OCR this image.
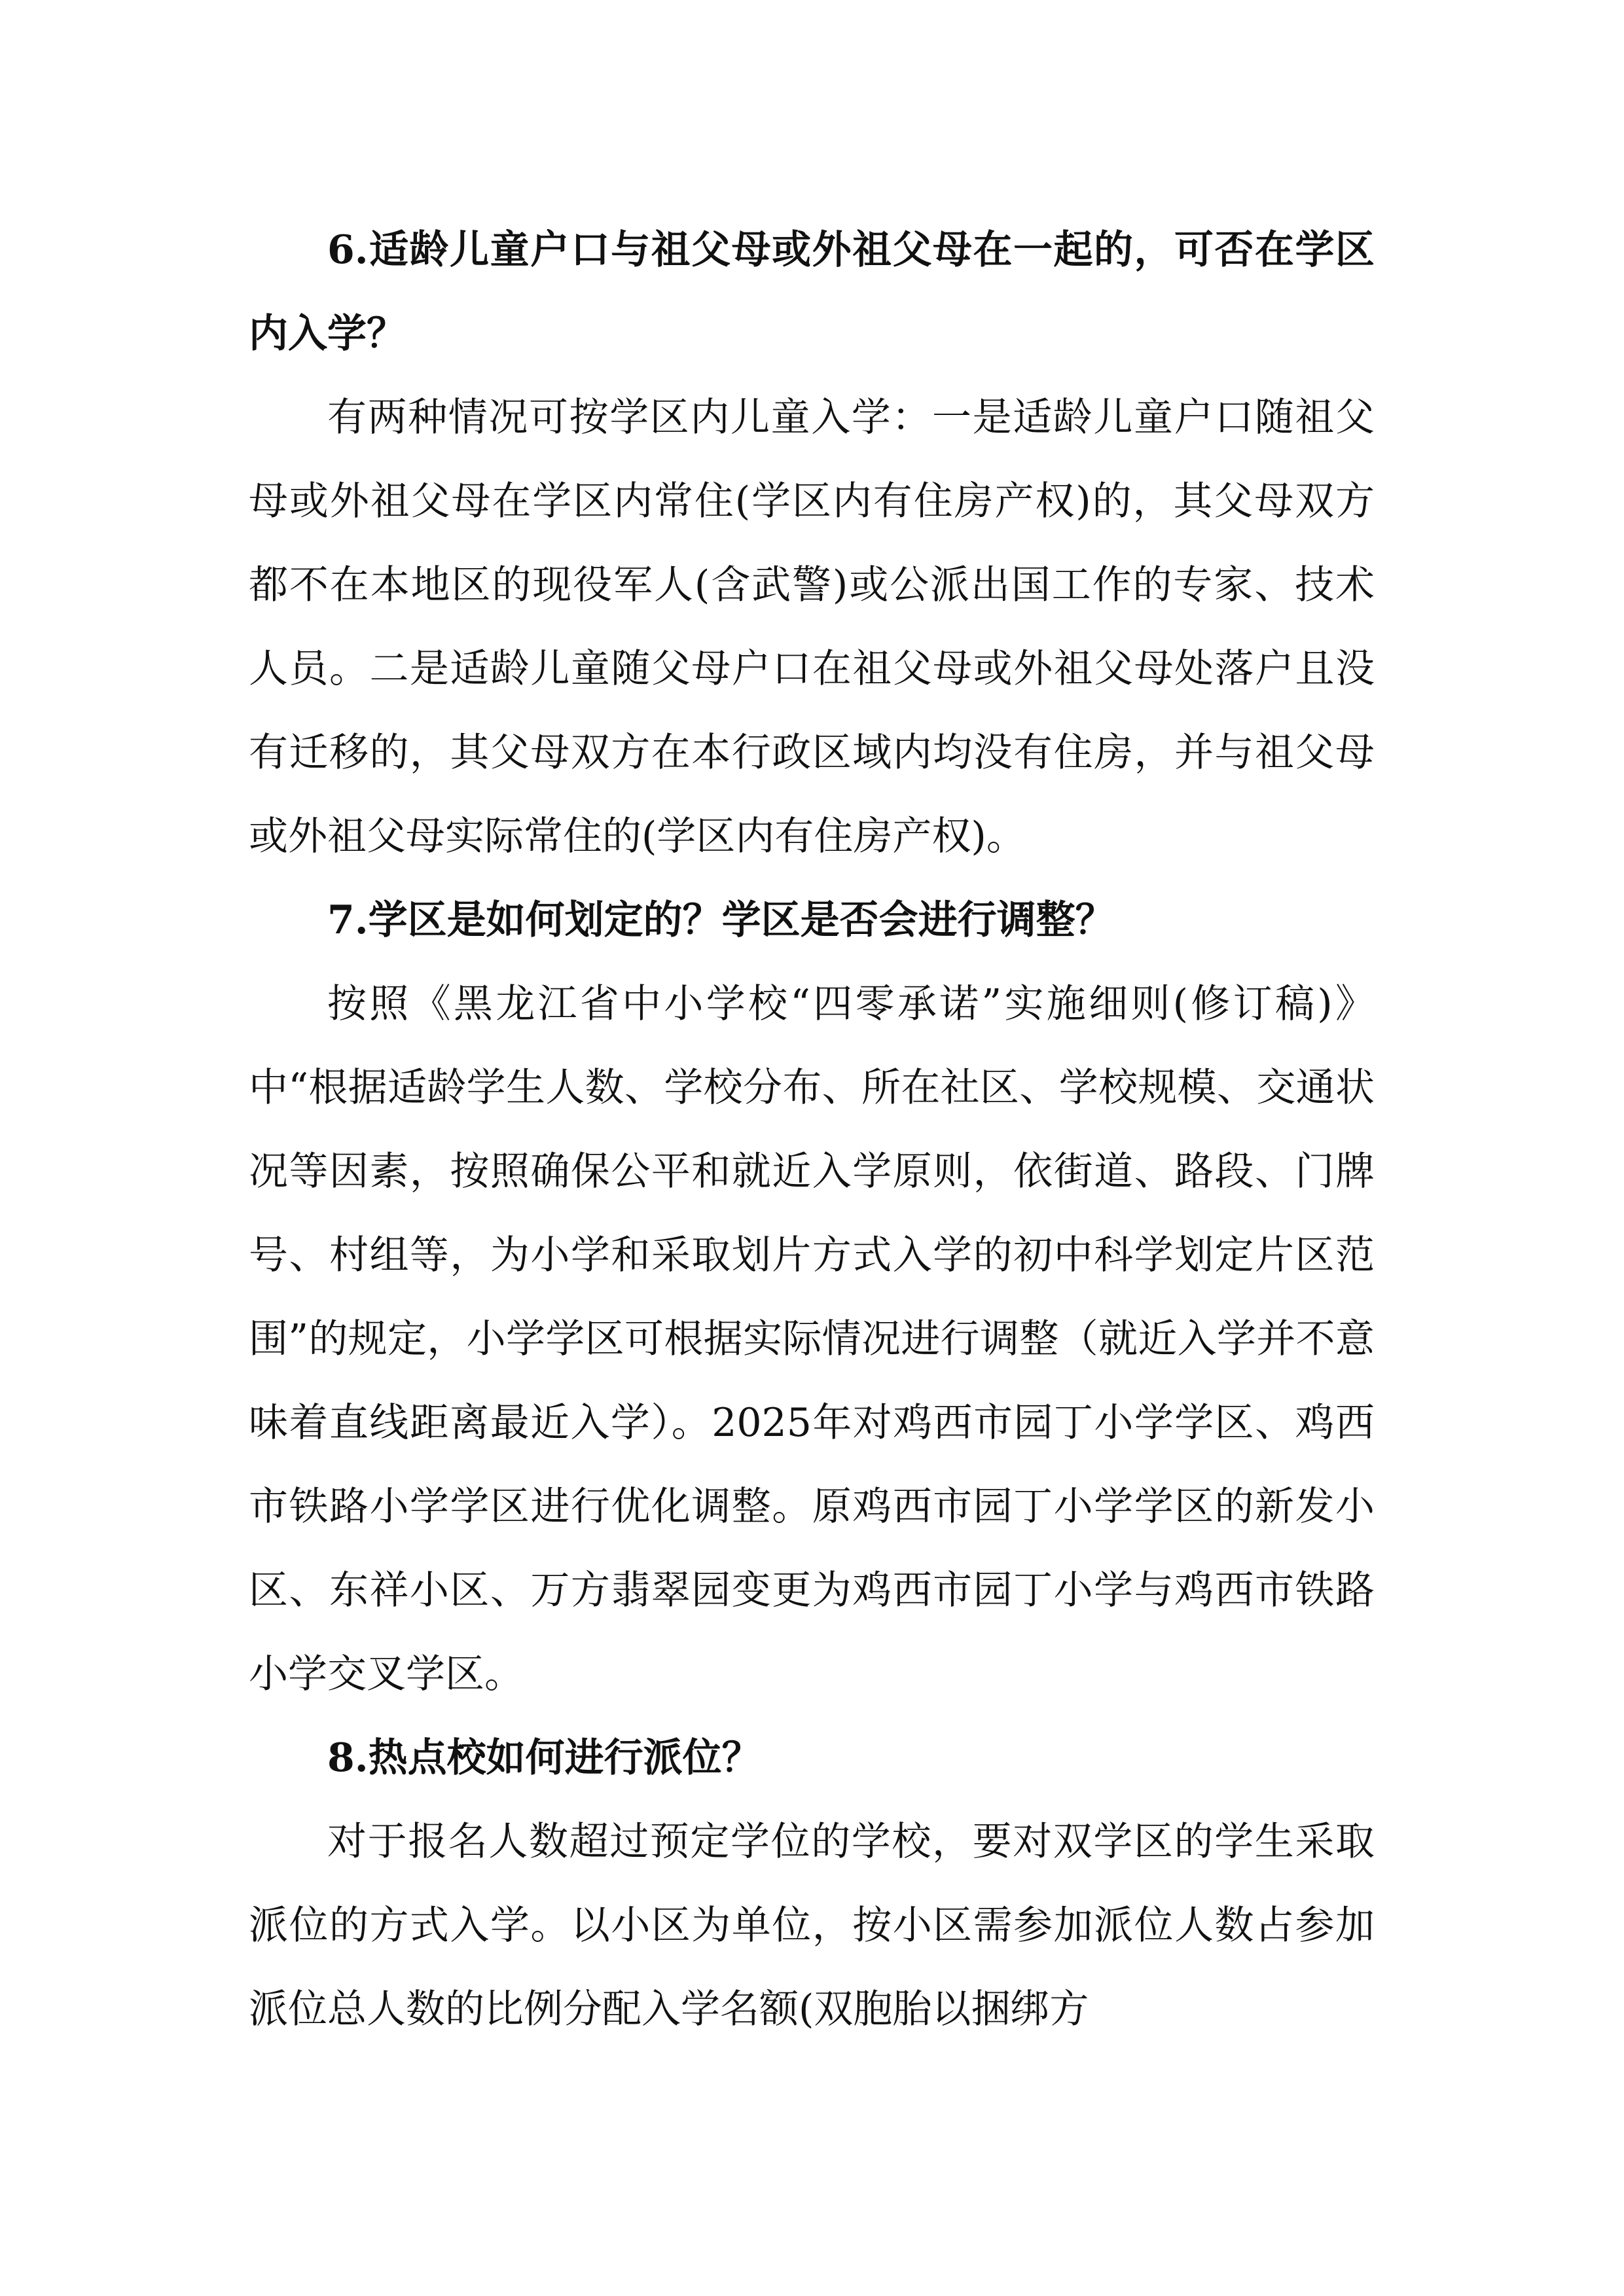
6.适龄儿童户口与祖父母或外祖父母在一起的，可否在学区内入学？

有两种情况可按学区内儿童入学：一是适龄儿童户口随祖父母或外祖父母在学区内常住(学区内有住房产权)的，其父母双方都不在本地区的现役军人(含武警)或公派出国工作的专家、技术人员。二是适龄儿童随父母户口在祖父母或外祖父母处落户且没有迁移的，其父母双方在本行政区域内均没有住房，并与祖父母或外祖父母实际常住的(学区内有住房产权)。

7.学区是如何划定的？学区是否会进行调整？

按照《黑龙江省中小学校“四零承诺”实施细则(修订稿)》中“根据适龄学生人数、学校分布、所在社区、学校规模、交通状况等因素，按照确保公平和就近入学原则，依街道、路段、门牌号、村组等，为小学和采取划片方式入学的初中科学划定片区范围”的规定，小学学区可根据实际情况进行调整（就近入学并不意味着直线距离最近入学）。2025年对鸡西市园丁小学学区、鸡西市铁路小学学区进行优化调整。原鸡西市园丁小学学区的新发小区、东祥小区、万方翡翠园变更为鸡西市园丁小学与鸡西市铁路小学交叉学区。

8.热点校如何进行派位？

对于报名人数超过预定学位的学校，要对双学区的学生采取派位的方式入学。以小区为单位，按小区需参加派位人数占参加派位总人数的比例分配入学名额(双胞胎以捆绑方
